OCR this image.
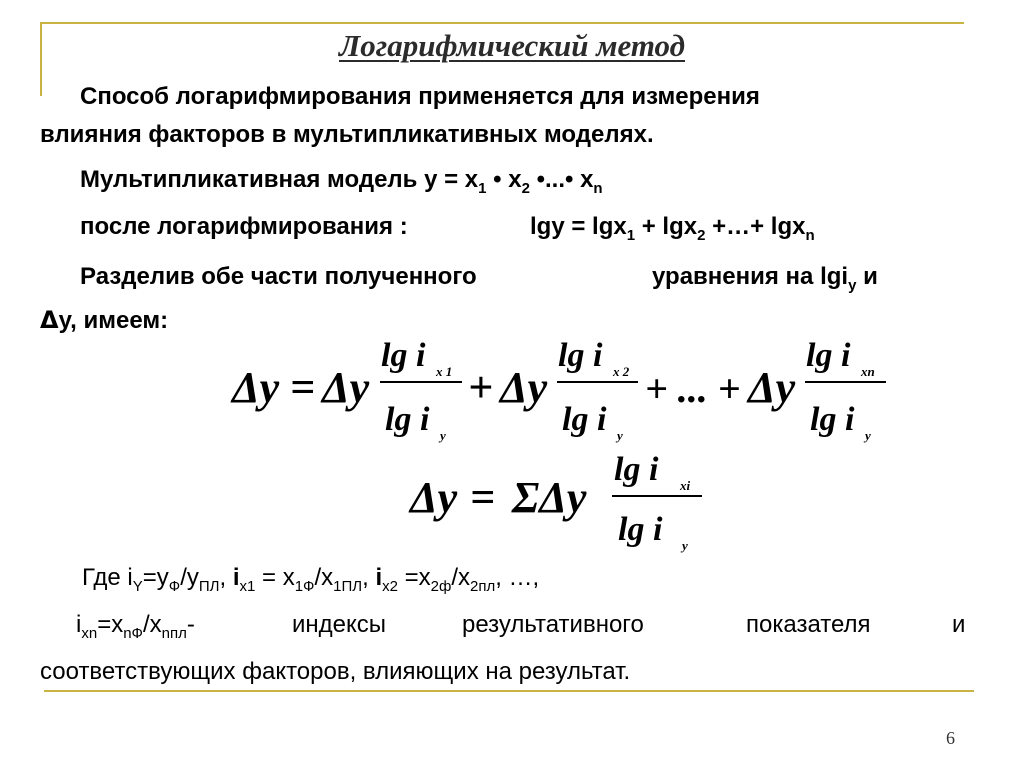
Логарифмический метод
Способ логарифмирования применяется для измерения
влияния факторов в мультипликативных моделях.
Мультипликативная модель $y = x_1$ • $x_2$ •...• $x_n$
после логарифмирования :	lgy = lgx$_1$ + lgx$_2$ +…+ lgx$_n$
Разделив обе части полученного	уравнения на lgi$_y$ и
Δy, имеем:
Δy = Δy
lg i x 1
lg i y
+ Δy
lg i x 2
lg i y
+ ... + Δy
lg i xn
lg i y
Δy = ΣΔy
lg i xi
lg i y
Где $i_Y=y_Ф/y_{ПЛ}$, $i_{x1} = x_{1Ф}/x_{1ПЛ}$, $i_{x2} =x_{2ф}/x_{2пл}$, …,
$i_{xn}=x_{nФ}/x_{nпл}-$	индексы	результативного	показателя	и
соответствующих факторов, влияющих на результат.
6
